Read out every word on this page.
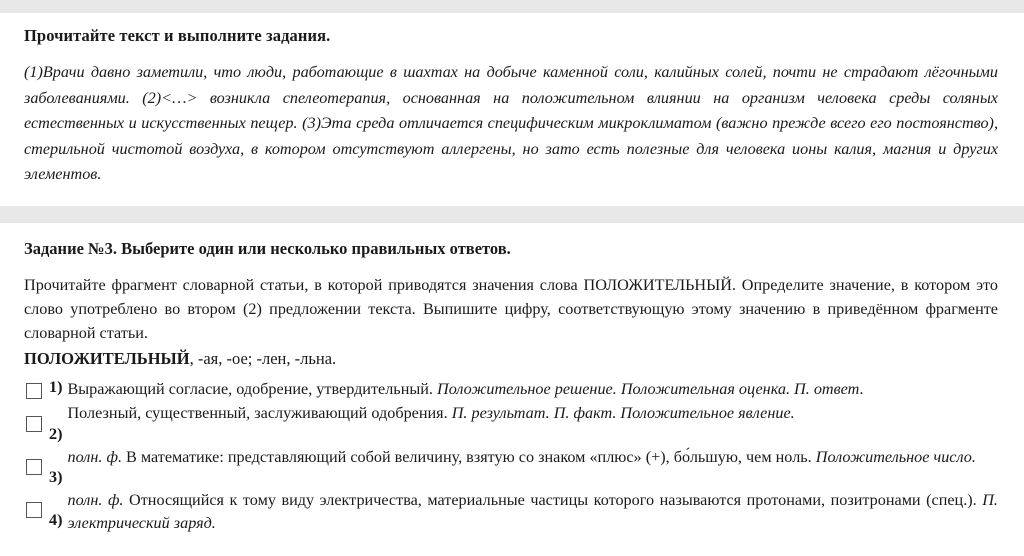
Прочитайте текст и выполните задания.
(1)Врачи давно заметили, что люди, работающие в шахтах на добыче каменной соли, калийных солей, почти не страдают лёгочными заболеваниями. (2)<…> возникла спелеотерапия, основанная на положительном влиянии на организм человека среды соляных естественных и искусственных пещер. (3)Эта среда отличается специфическим микроклиматом (важно прежде всего его постоянство), стерильной чистотой воздуха, в котором отсутствуют аллергены, но зато есть полезные для человека ионы калия, магния и других элементов.
Задание №3. Выберите один или несколько правильных ответов.
Прочитайте фрагмент словарной статьи, в которой приводятся значения слова ПОЛОЖИТЕЛЬНЫЙ. Определите значение, в котором это слово употреблено во втором (2) предложении текста. Выпишите цифру, соответствующую этому значению в приведённом фрагменте словарной статьи.
ПОЛОЖИТЕЛЬНЫЙ, -ая, -ое; -лен, -льна.
1) Выражающий согласие, одобрение, утвердительный. Положительное решение. Положительная оценка. П. ответ.
2)
Полезный, существенный, заслуживающий одобрения. П. результат. П. факт. Положительное явление.
3)
полн. ф. В математике: представляющий собой величину, взятую со знаком «плюс» (+), бо́льшую, чем ноль. Положительное число.
4)
полн. ф. Относящийся к тому виду электричества, материальные частицы которого называются протонами, позитронами (спец.). П. электрический заряд.
